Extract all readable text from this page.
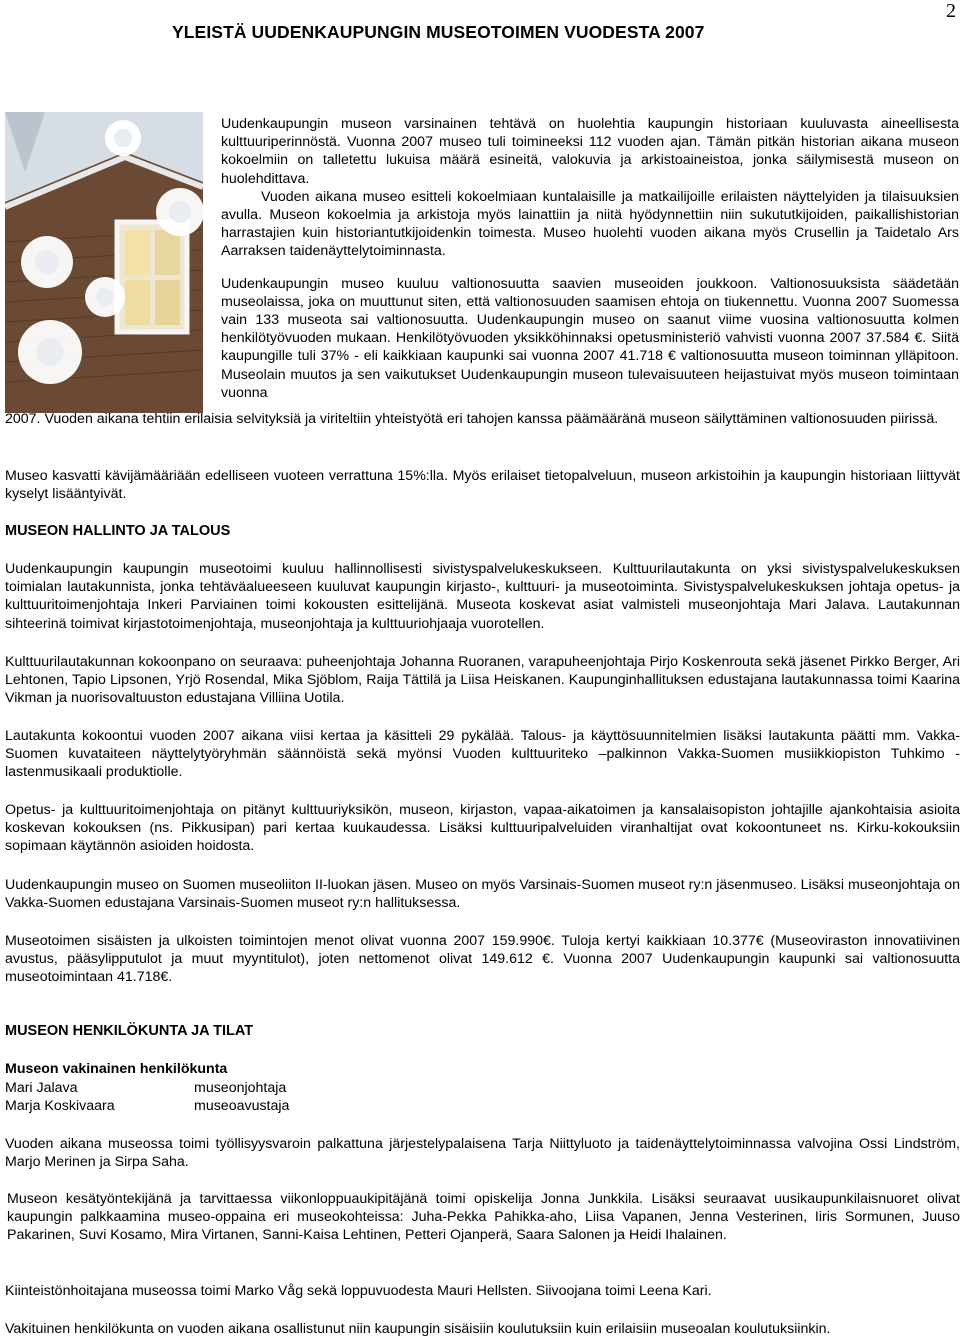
2
YLEISTÄ UUDENKAUPUNGIN MUSEOTOIMEN VUODESTA 2007

Uudenkaupungin museon varsinainen tehtävä on huolehtia kaupungin historiaan kuuluvasta aineellisesta kulttuuriperinnöstä. Vuonna 2007 museo tuli toimineeksi 112 vuoden ajan. Tämän pitkän historian aikana museon kokoelmiin on talletettu lukuisa määrä esineitä, valokuvia ja arkistoaineistoa, jonka säilymisestä museon on huolehdittava.

Vuoden aikana museo esitteli kokoelmiaan kuntalaisille ja matkailijoille erilaisten näyttelyiden ja tilaisuuksien avulla. Museon kokoelmia ja arkistoja myös lainattiin ja niitä hyödynnettiin niin sukututkijoiden, paikallishistorian harrastajien kuin historiantutkijoidenkin toimesta. Museo huolehti vuoden aikana myös Crusellin ja Taidetalo Ars Aarraksen taidenäyttelytoiminnasta.

Uudenkaupungin museo kuuluu valtionosuutta saavien museoiden joukkoon. Valtionosuuksista säädetään museolaissa, joka on muuttunut siten, että valtionosuuden saamisen ehtoja on tiukennettu. Vuonna 2007 Suomessa vain 133 museota sai valtionosuutta. Uudenkaupungin museo on saanut viime vuosina valtionosuutta kolmen henkilötyövuoden mukaan. Henkilötyövuoden yksikköhinnaksi opetusministeriö vahvisti vuonna 2007 37.584 €. Siitä kaupungille tuli 37% - eli kaikkiaan kaupunki sai vuonna 2007 41.718 € valtionosuutta museon toiminnan ylläpitoon. Museolain muutos ja sen vaikutukset Uudenkaupungin museon tulevaisuuteen heijastuivat myös museon toimintaan vuonna

2007. Vuoden aikana tehtiin erilaisia selvityksiä ja viriteltiin yhteistyötä eri tahojen kanssa päämääränä museon säilyttäminen valtionosuuden piirissä.

Museo kasvatti kävijämääriään edelliseen vuoteen verrattuna 15%:lla. Myös erilaiset tietopalveluun, museon arkistoihin ja kaupungin historiaan liittyvät kyselyt lisääntyivät.

MUSEON HALLINTO JA TALOUS

Uudenkaupungin kaupungin museotoimi kuuluu hallinnollisesti sivistyspalvelukeskukseen. Kulttuurilautakunta on yksi sivistyspalvelukeskuksen toimialan lautakunnista, jonka tehtäväalueeseen kuuluvat kaupungin kirjasto-, kulttuuri- ja museotoiminta. Sivistyspalvelukeskuksen johtaja opetus- ja kulttuuritoimenjohtaja Inkeri Parviainen toimi kokousten esittelijänä. Museota koskevat asiat valmisteli museonjohtaja Mari Jalava. Lautakunnan sihteerinä toimivat kirjastotoimenjohtaja, museonjohtaja ja kulttuuriohjaaja vuorotellen.

Kulttuurilautakunnan kokoonpano on seuraava: puheenjohtaja Johanna Ruoranen, varapuheenjohtaja Pirjo Koskenrouta sekä jäsenet Pirkko Berger, Ari Lehtonen, Tapio Lipsonen, Yrjö Rosendal, Mika Sjöblom, Raija Tättilä ja Liisa Heiskanen. Kaupunginhallituksen edustajana lautakunnassa toimi Kaarina Vikman ja nuorisovaltuuston edustajana Villiina Uotila.

Lautakunta kokoontui vuoden 2007 aikana viisi kertaa ja käsitteli 29 pykälää. Talous- ja käyttösuunnitelmien lisäksi lautakunta päätti mm. Vakka-Suomen kuvataiteen näyttelytyöryhmän säännöistä sekä myönsi Vuoden kulttuuriteko –palkinnon Vakka-Suomen musiikkiopiston Tuhkimo -lastenmusikaali produktiolle.

Opetus- ja kulttuuritoimenjohtaja on pitänyt kulttuuriyksikön, museon, kirjaston, vapaa-aikatoimen ja kansalaisopiston johtajille ajankohtaisia asioita koskevan kokouksen (ns. Pikkusipan) pari kertaa kuukaudessa. Lisäksi kulttuuripalveluiden viranhaltijat ovat kokoontuneet ns. Kirku-kokouksiin sopimaan käytännön asioiden hoidosta.

Uudenkaupungin museo on Suomen museoliiton II-luokan jäsen. Museo on myös Varsinais-Suomen museot ry:n jäsenmuseo. Lisäksi museonjohtaja on Vakka-Suomen edustajana Varsinais-Suomen museot ry:n hallituksessa.

Museotoimen sisäisten ja ulkoisten toimintojen menot olivat vuonna 2007 159.990€. Tuloja kertyi kaikkiaan 10.377€ (Museoviraston innovatiivinen avustus, pääsylipputulot ja muut myyntitulot), joten nettomenot olivat 149.612 €. Vuonna 2007 Uudenkaupungin kaupunki sai valtionosuutta museotoimintaan 41.718€.

MUSEON HENKILÖKUNTA JA TILAT
Museon vakinainen henkilökunta
Mari Jalava	museonjohtaja
Marja Koskivaara	museoavustaja

Vuoden aikana museossa toimi työllisyysvaroin palkattuna järjestelypalaisena Tarja Niittyluoto ja taidenäyttelytoiminnassa valvojina Ossi Lindström, Marjo Merinen ja Sirpa Saha.

Museon kesätyöntekijänä ja tarvittaessa viikonloppuaukipitäjänä toimi opiskelija Jonna Junkkila. Lisäksi seuraavat uusikaupunkilaisnuoret olivat kaupungin palkkaamina museo-oppaina eri museokohteissa: Juha-Pekka Pahikka-aho, Liisa Vapanen, Jenna Vesterinen, Iiris Sormunen, Juuso Pakarinen, Suvi Kosamo, Mira Virtanen, Sanni-Kaisa Lehtinen, Petteri Ojanperä, Saara Salonen ja Heidi Ihalainen.

Kiinteistönhoitajana museossa toimi Marko Våg sekä loppuvuodesta Mauri Hellsten. Siivoojana toimi Leena Kari.

Vakituinen henkilökunta on vuoden aikana osallistunut niin kaupungin sisäisiin koulutuksiin kuin erilaisiin museoalan koulutuksiinkin.
